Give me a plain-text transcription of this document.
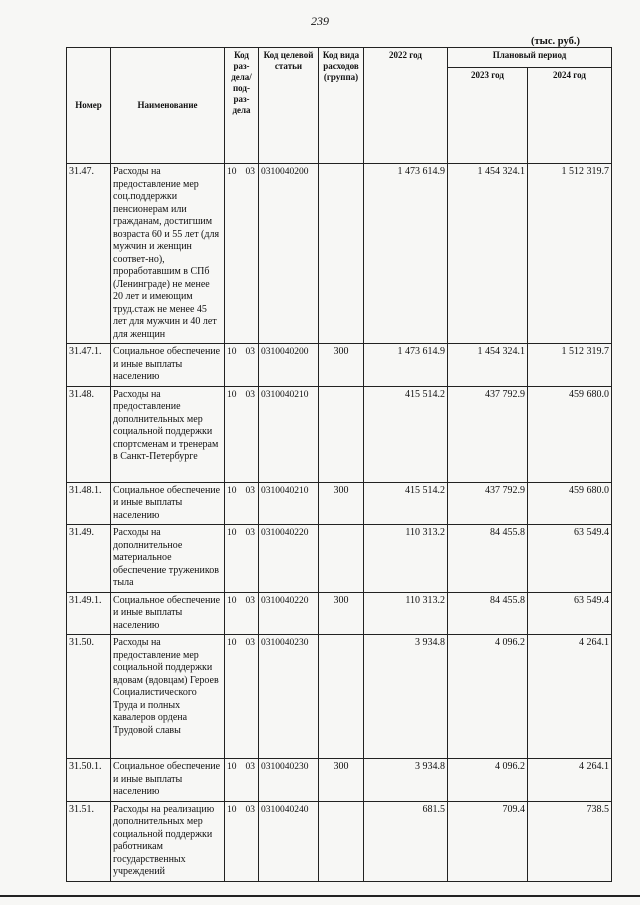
239
(тыс. руб.)
Номер	Наименование	Код раз-дела/ под-раз-дела	Код целевой статьи	Код вида расходов (группа)	2022 год	Плановый период	
						2023 год	2024 год
31.47.	Расходы на предоставление мер соц.поддержки пенсионерам или гражданам, достигшим возраста 60 и 55 лет (для мужчин и женщин соответ-но), проработавшим в СПб (Ленинграде) не менее 20 лет и имеющим труд.стаж не менее 45 лет для мужчин и 40 лет для женщин	10 03	0310040200		1 473 614.9	1 454 324.1	1 512 319.7
31.47.1.	Социальное обеспечение и иные выплаты населению	10 03	0310040200	300	1 473 614.9	1 454 324.1	1 512 319.7
31.48.	Расходы на предоставление дополнительных мер социальной поддержки спортсменам и тренерам в Санкт-Петербурге	10 03	0310040210		415 514.2	437 792.9	459 680.0
31.48.1.	Социальное обеспечение и иные выплаты населению	10 03	0310040210	300	415 514.2	437 792.9	459 680.0
31.49.	Расходы на дополнительное материальное обеспечение тружеников тыла	10 03	0310040220		110 313.2	84 455.8	63 549.4
31.49.1.	Социальное обеспечение и иные выплаты населению	10 03	0310040220	300	110 313.2	84 455.8	63 549.4
31.50.	Расходы на предоставление мер социальной поддержки вдовам (вдовцам) Героев Социалистического Труда и полных кавалеров ордена Трудовой славы	10 03	0310040230		3 934.8	4 096.2	4 264.1
31.50.1.	Социальное обеспечение и иные выплаты населению	10 03	0310040230	300	3 934.8	4 096.2	4 264.1
31.51.	Расходы на реализацию дополнительных мер социальной поддержки работникам государственных учреждений	10 03	0310040240		681.5	709.4	738.5
